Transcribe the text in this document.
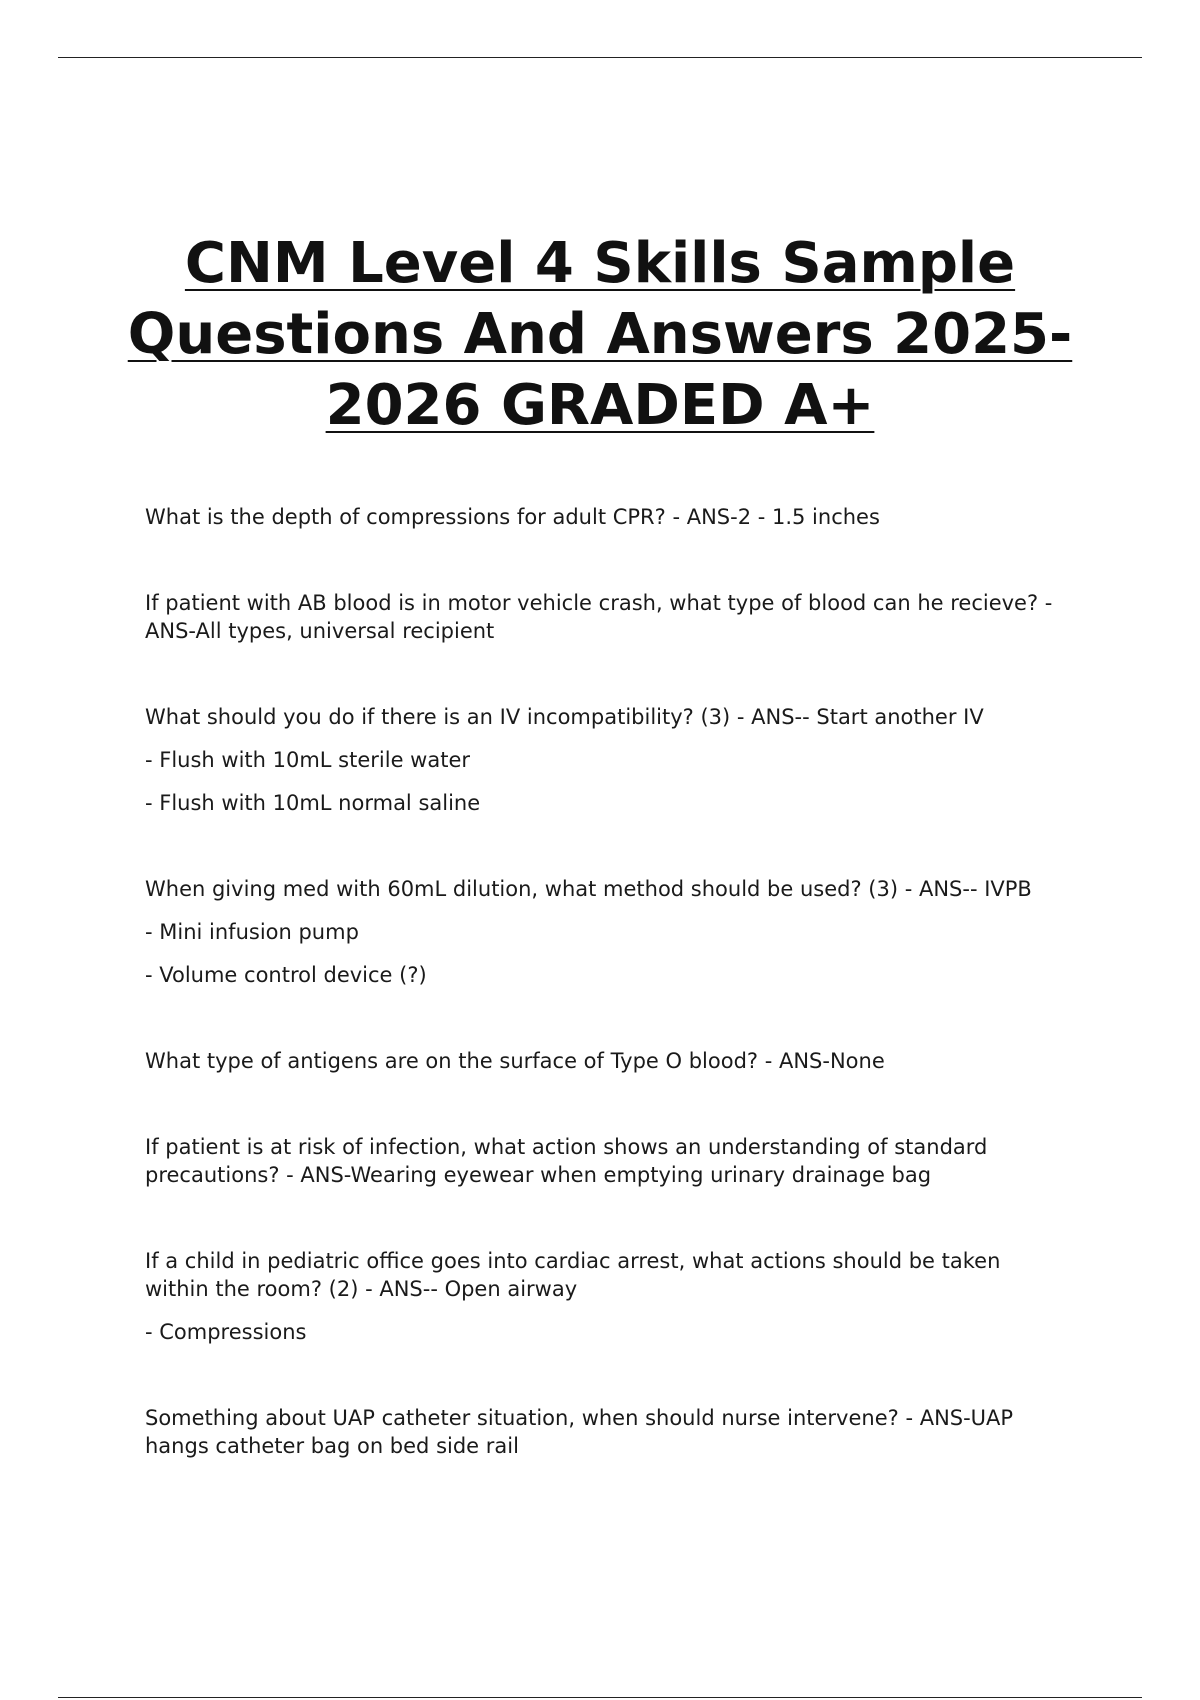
CNM Level 4 Skills Sample Questions And Answers 2025-2026 GRADED A+

What is the depth of compressions for adult CPR? - ANS-2 - 1.5 inches

If patient with AB blood is in motor vehicle crash, what type of blood can he recieve? - ANS-All types, universal recipient

What should you do if there is an IV incompatibility? (3) - ANS-- Start another IV

- Flush with 10mL sterile water

- Flush with 10mL normal saline

When giving med with 60mL dilution, what method should be used? (3) - ANS-- IVPB

- Mini infusion pump

- Volume control device (?)

What type of antigens are on the surface of Type O blood? - ANS-None

If patient is at risk of infection, what action shows an understanding of standard precautions? - ANS-Wearing eyewear when emptying urinary drainage bag

If a child in pediatric office goes into cardiac arrest, what actions should be taken within the room? (2) - ANS-- Open airway

- Compressions

Something about UAP catheter situation, when should nurse intervene? - ANS-UAP hangs catheter bag on bed side rail
